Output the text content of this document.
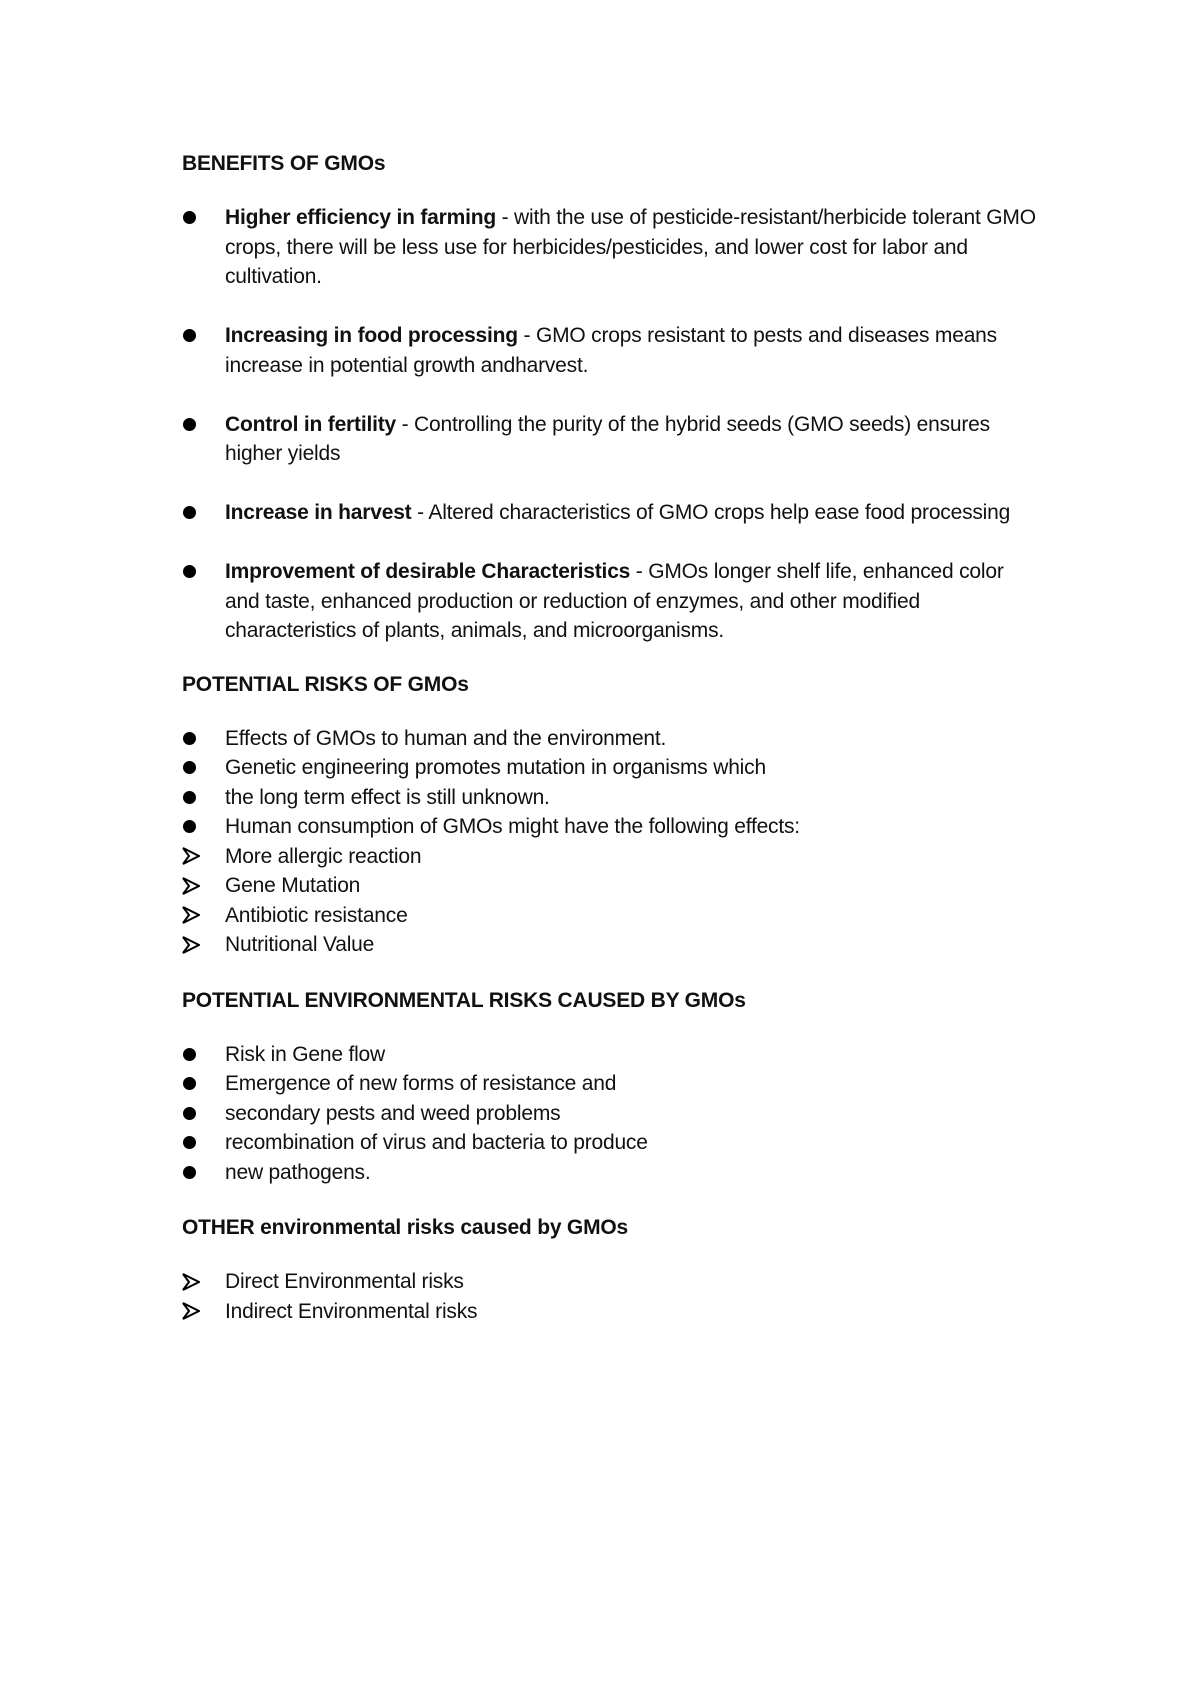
BENEFITS OF GMOs
Higher efficiency in farming - with the use of pesticide-resistant/herbicide tolerant GMO crops, there will be less use for herbicides/pesticides, and lower cost for labor and cultivation.
Increasing in food processing - GMO crops resistant to pests and diseases means increase in potential growth andharvest.
Control in fertility - Controlling the purity of the hybrid seeds (GMO seeds) ensures higher yields
Increase in harvest - Altered characteristics of GMO crops help ease food processing
Improvement of desirable Characteristics - GMOs longer shelf life, enhanced color and taste, enhanced production or reduction of enzymes, and other modified characteristics of plants, animals, and microorganisms.
POTENTIAL RISKS OF GMOs
Effects of GMOs to human and the environment.
Genetic engineering promotes mutation in organisms which
the long term effect is still unknown.
Human consumption of GMOs might have the following effects:
More allergic reaction
Gene Mutation
Antibiotic resistance
Nutritional Value
POTENTIAL ENVIRONMENTAL RISKS CAUSED BY GMOs
Risk in Gene flow
Emergence of new forms of resistance and
secondary pests and weed problems
recombination of virus and bacteria to produce
new pathogens.
OTHER environmental risks caused by GMOs
Direct Environmental risks
Indirect Environmental risks
